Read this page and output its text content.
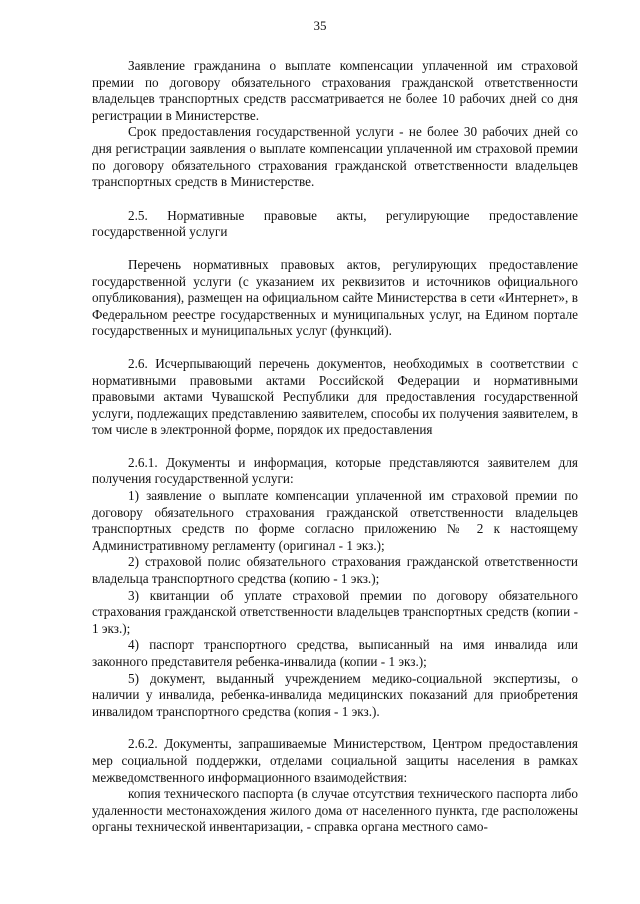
35

Заявление гражданина о выплате компенсации уплаченной им страховой премии по договору обязательного страхования гражданской ответственности владельцев транспортных средств рассматривается не более 10 рабочих дней со дня регистрации в Министерстве.

Срок предоставления государственной услуги - не более 30 рабочих дней со дня регистрации заявления о выплате компенсации уплаченной им страховой премии по договору обязательного страхования гражданской ответственности владельцев транспортных средств в Министерстве.

2.5. Нормативные правовые акты, регулирующие предоставление государственной услуги

Перечень нормативных правовых актов, регулирующих предоставление государственной услуги (с указанием их реквизитов и источников официального опубликования), размещен на официальном сайте Министерства в сети «Интернет», в Федеральном реестре государственных и муниципальных услуг, на Едином портале государственных и муниципальных услуг (функций).

2.6. Исчерпывающий перечень документов, необходимых в соответствии с нормативными правовыми актами Российской Федерации и нормативными правовыми актами Чувашской Республики для предоставления государственной услуги, подлежащих представлению заявителем, способы их получения заявителем, в том числе в электронной форме, порядок их предоставления

2.6.1. Документы и информация, которые представляются заявителем для получения государственной услуги:

1) заявление о выплате компенсации уплаченной им страховой премии по договору обязательного страхования гражданской ответственности владельцев транспортных средств по форме согласно приложению № 2 к настоящему Административному регламенту (оригинал - 1 экз.);

2) страховой полис обязательного страхования гражданской ответственности владельца транспортного средства (копию - 1 экз.);

3) квитанции об уплате страховой премии по договору обязательного страхования гражданской ответственности владельцев транспортных средств (копии - 1 экз.);

4) паспорт транспортного средства, выписанный на имя инвалида или законного представителя ребенка-инвалида (копии - 1 экз.);

5) документ, выданный учреждением медико-социальной экспертизы, о наличии у инвалида, ребенка-инвалида медицинских показаний для приобретения инвалидом транспортного средства (копия - 1 экз.).

2.6.2. Документы, запрашиваемые Министерством, Центром предоставления мер социальной поддержки, отделами социальной защиты населения в рамках межведомственного информационного взаимодействия:

копия технического паспорта (в случае отсутствия технического паспорта либо удаленности местонахождения жилого дома от населенного пункта, где расположены органы технической инвентаризации, - справка органа местного само-
